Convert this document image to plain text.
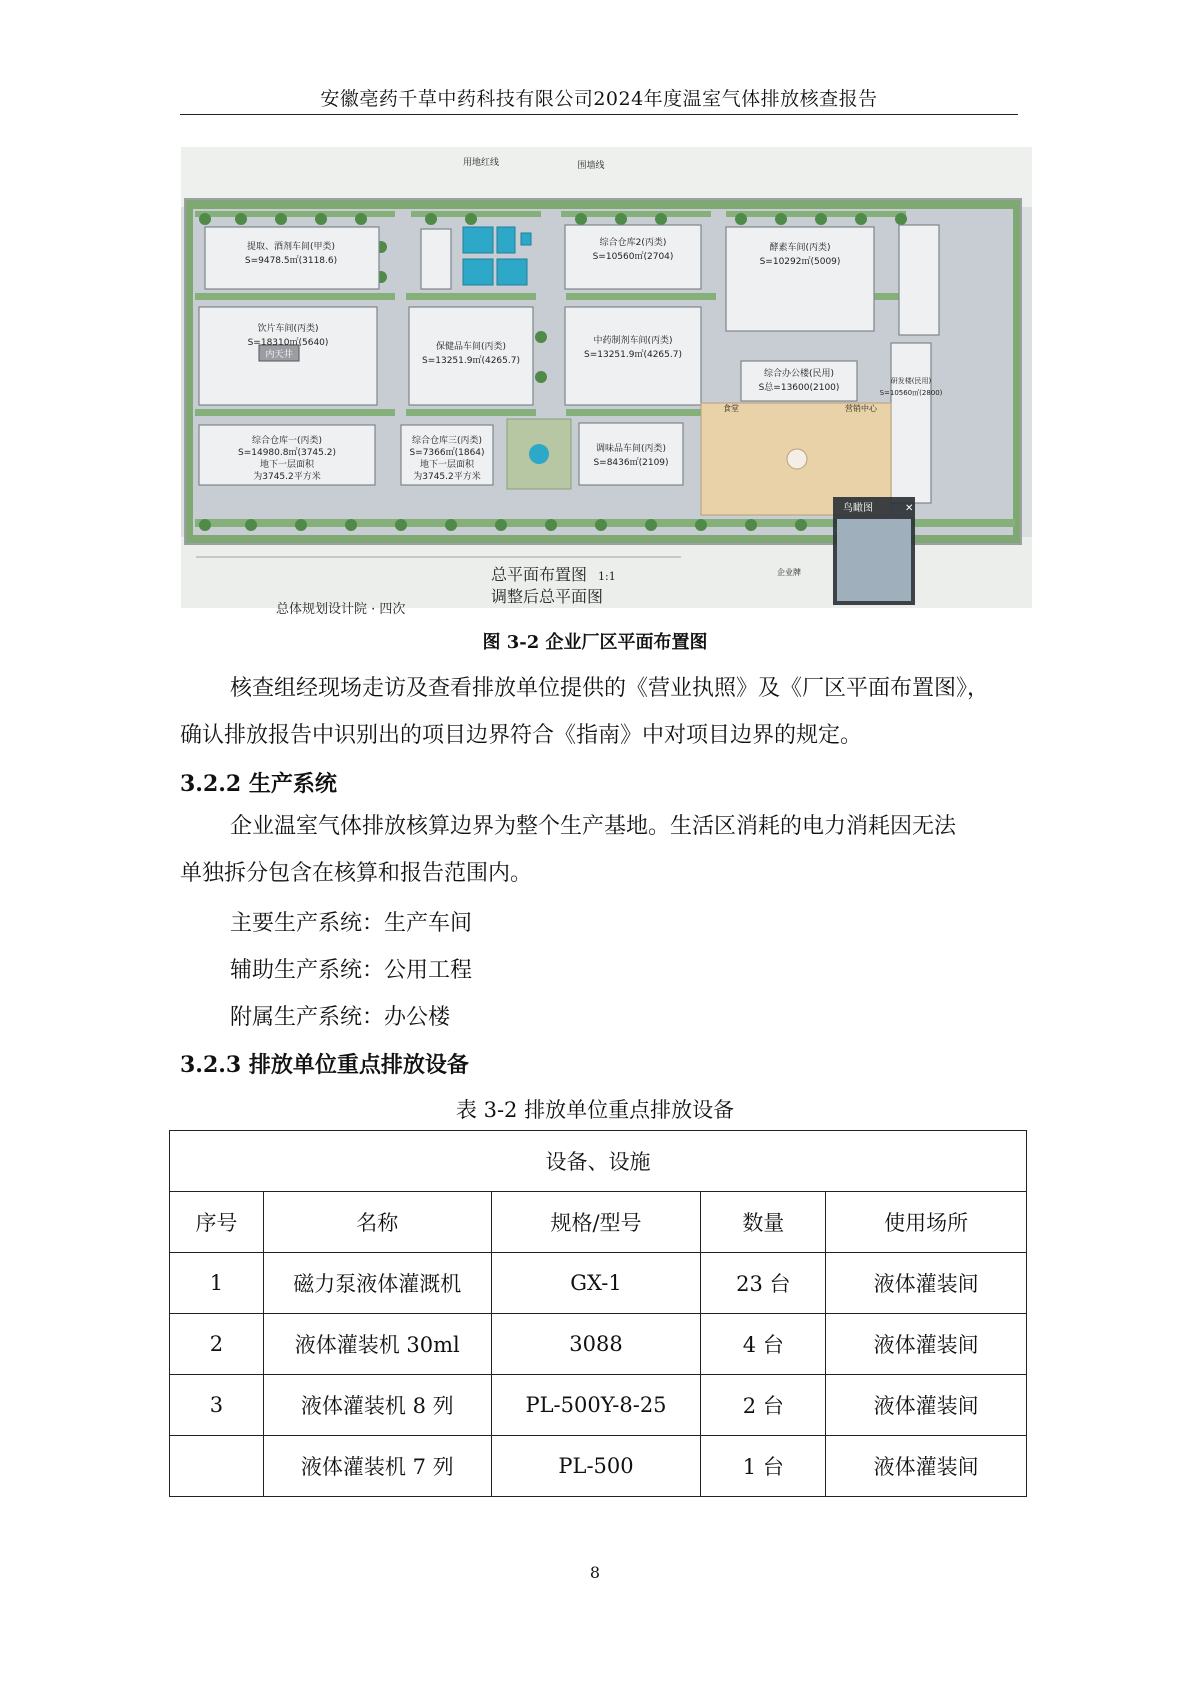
安徽亳药千草中药科技有限公司2024年度温室气体排放核查报告
用地红线	围墙线
提取、酒剂车间(甲类)
S=9478.5㎡(3118.6)
综合仓库2(丙类)
S=10560㎡(2704)
酵素车间(丙类)
S=10292㎡(5009)
饮片车间(丙类)
S=18310㎡(5640)
内天井
保健品车间(丙类)
S=13251.9㎡(4265.7)
中药制剂车间(丙类)
S=13251.9㎡(4265.7)
综合办公楼(民用)
S总=13600(2100)
研发楼(民用)
S=10560㎡(2800)
食堂	营销中心
综合仓库一(丙类)
S=14980.8㎡(3745.2)
地下一层面积
为3745.2平方米
综合仓库三(丙类)
S=7366㎡(1864)
地下一层面积
为3745.2平方米
调味品车间(丙类)
S=8436㎡(2109)
企业牌
鸟瞰图	✕
总平面布置图 1:1
调整后总平面图
总体规划设计院 · 四次
图 3-2 企业厂区平面布置图
核查组经现场走访及查看排放单位提供的《营业执照》及《厂区平面布置图》，
确认排放报告中识别出的项目边界符合《指南》中对项目边界的规定。
3.2.2 生产系统
企业温室气体排放核算边界为整个生产基地。生活区消耗的电力消耗因无法
单独拆分包含在核算和报告范围内。
主要生产系统：生产车间
辅助生产系统：公用工程
附属生产系统：办公楼
3.2.3 排放单位重点排放设备
表 3-2 排放单位重点排放设备
设备、设施				
序号	名称	规格/型号	数量	使用场所
1	磁力泵液体灌溉机	GX-1	23 台	液体灌装间
2	液体灌装机 30ml	3088	4 台	液体灌装间
3	液体灌装机 8 列	PL-500Y-8-25	2 台	液体灌装间
	液体灌装机 7 列	PL-500	1 台	液体灌装间
8
